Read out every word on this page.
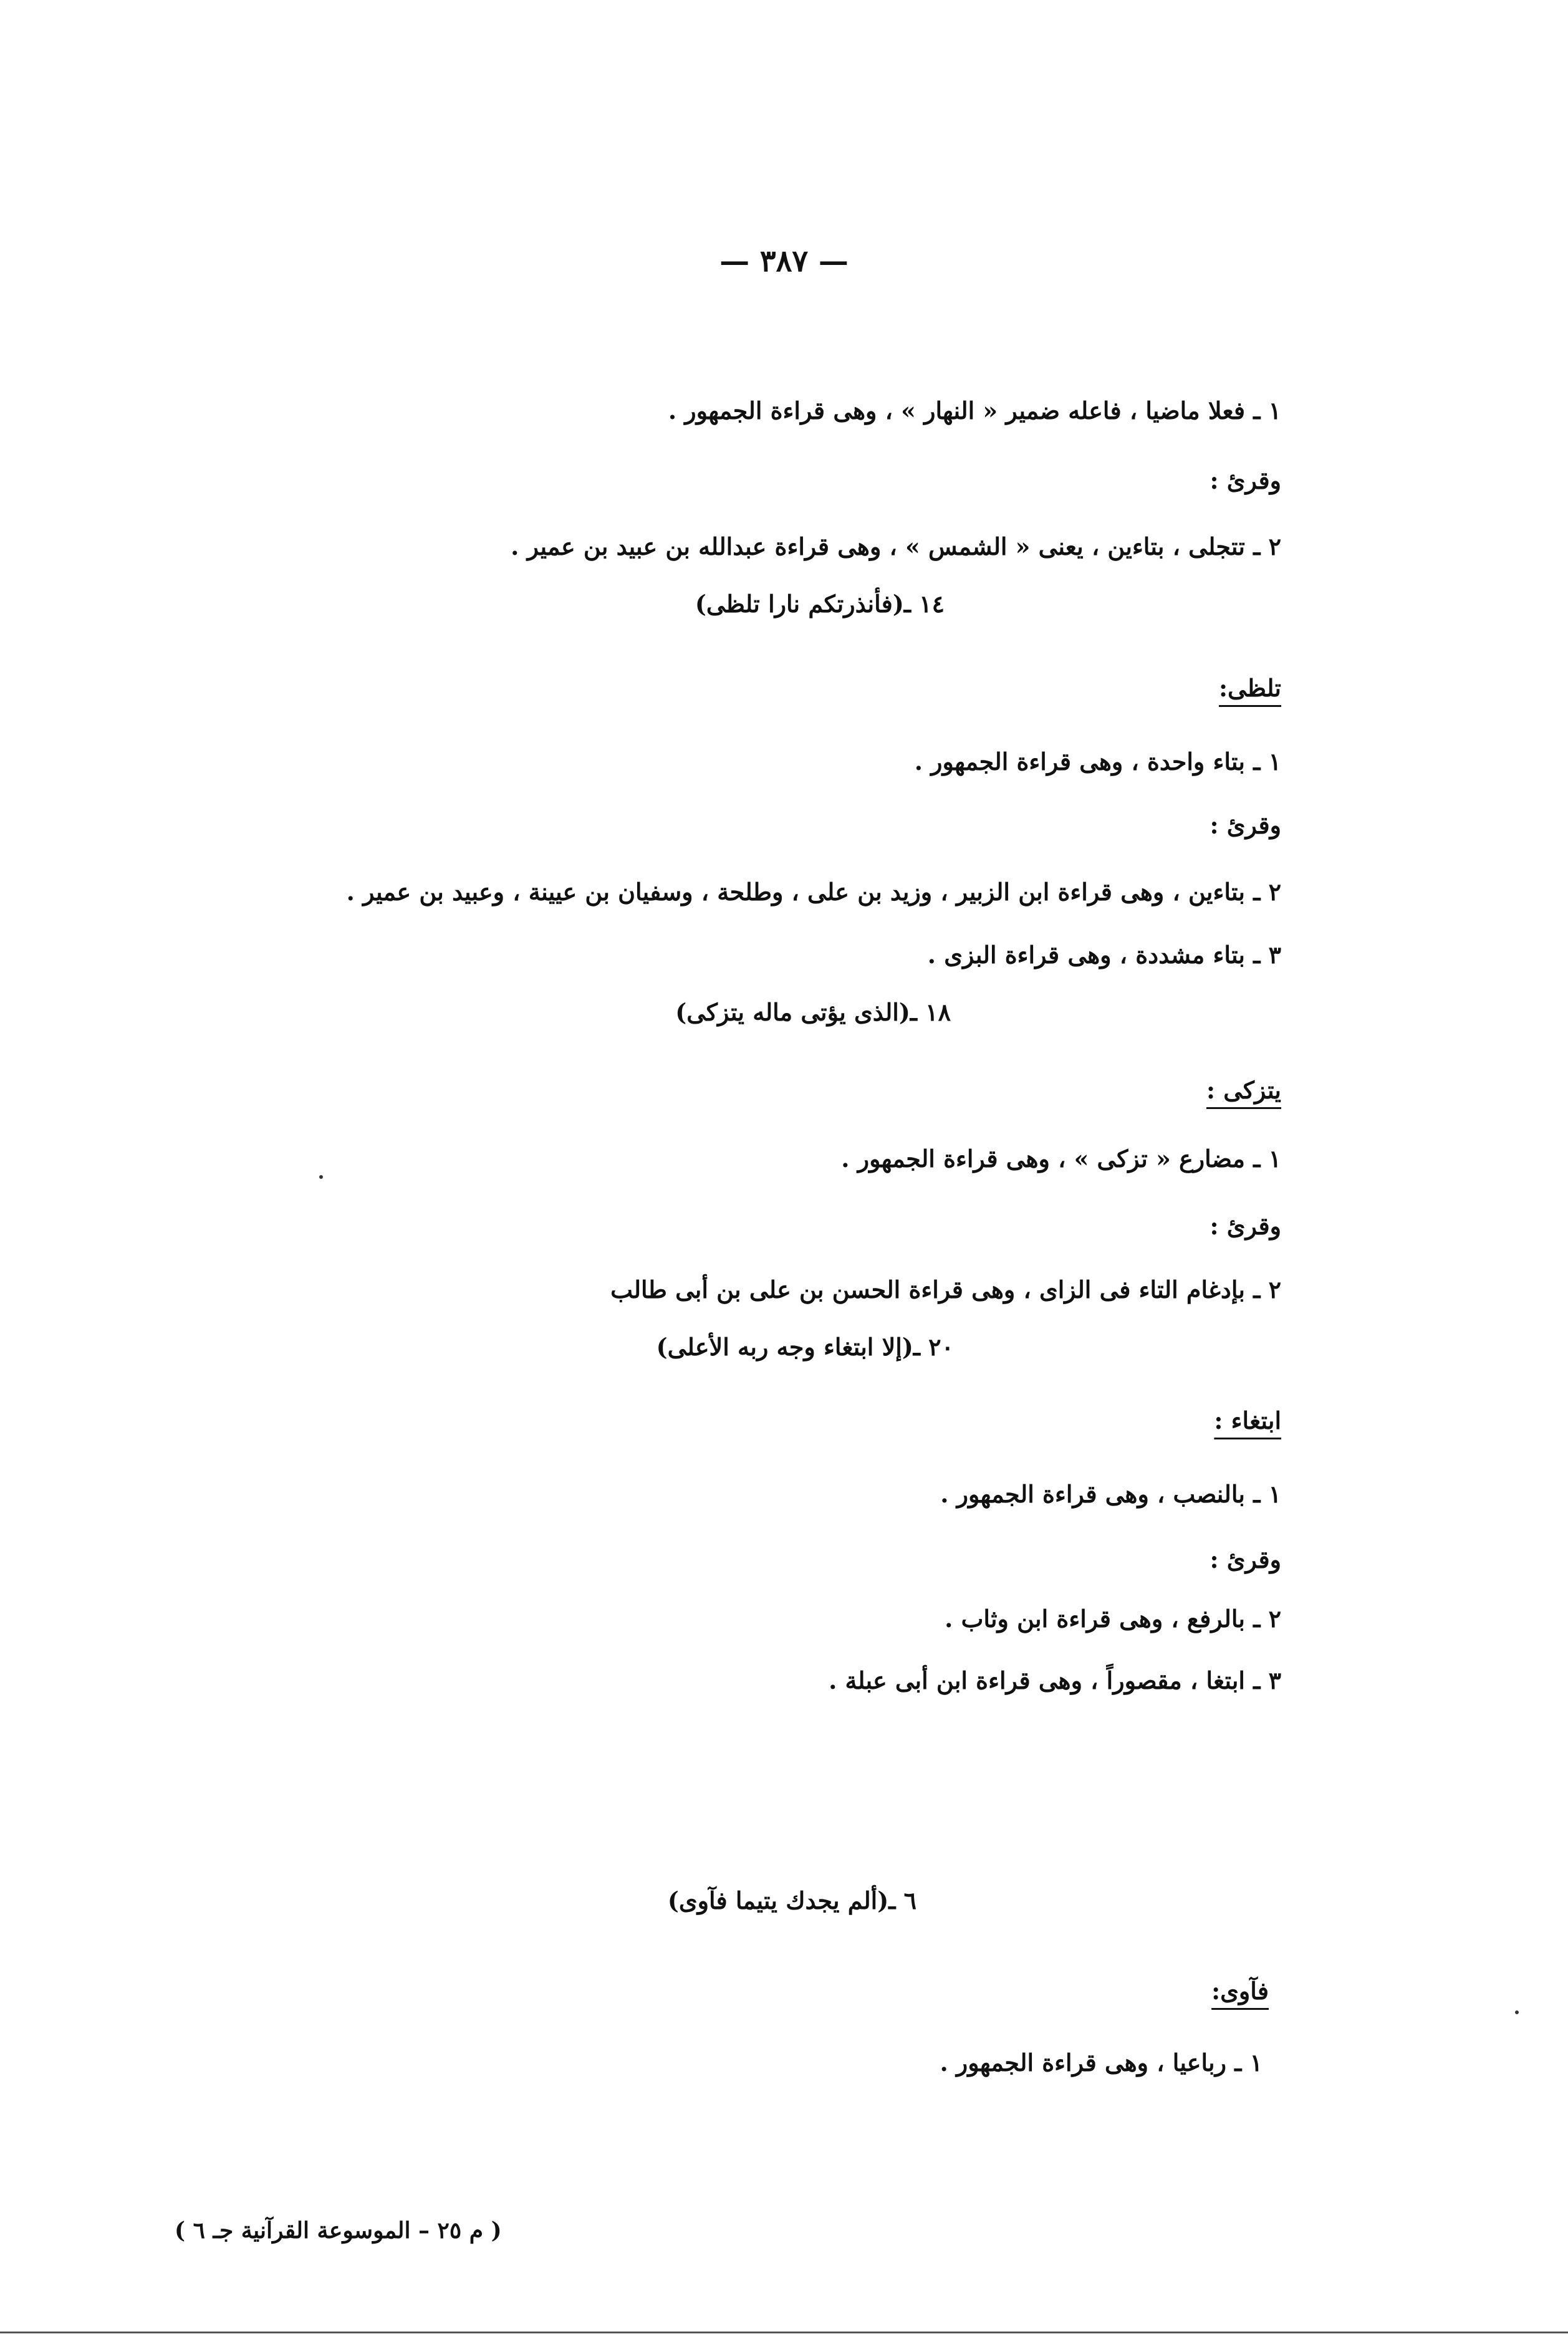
— ٣٨٧ —
١ ـ فعلا ماضيا ، فاعله ضمير « النهار » ، وهى قراءة الجمهور .
وقرئ :
٢ ـ تتجلى ، بتاءين ، يعنى « الشمس » ، وهى قراءة عبدالله بن عبيد بن عمير .
١٤ ـ(فأنذرتكم نارا تلظى)
تلظى:
١ ـ بتاء واحدة ، وهى قراءة الجمهور .
وقرئ :
٢ ـ بتاءين ، وهى قراءة ابن الزبير ، وزيد بن على ، وطلحة ، وسفيان بن عيينة ، وعبيد بن عمير .
٣ ـ بتاء مشددة ، وهى قراءة البزى .
١٨ ـ(الذى يؤتى ماله يتزكى)
يتزكى :
١ ـ مضارع « تزكى » ، وهى قراءة الجمهور .
وقرئ :
٢ ـ بإدغام التاء فى الزاى ، وهى قراءة الحسن بن على بن أبى طالب
٢٠ ـ(إلا ابتغاء وجه ربه الأعلى)
ابتغاء :
١ ـ بالنصب ، وهى قراءة الجمهور .
وقرئ :
٢ ـ بالرفع ، وهى قراءة ابن وثاب .
٣ ـ ابتغا ، مقصوراً ، وهى قراءة ابن أبى عبلة .
٦ ـ(ألم يجدك يتيما فآوى)
فآوى:
١ ـ رباعيا ، وهى قراءة الجمهور .
( م ٢٥ – الموسوعة القرآنية جـ ٦ )
